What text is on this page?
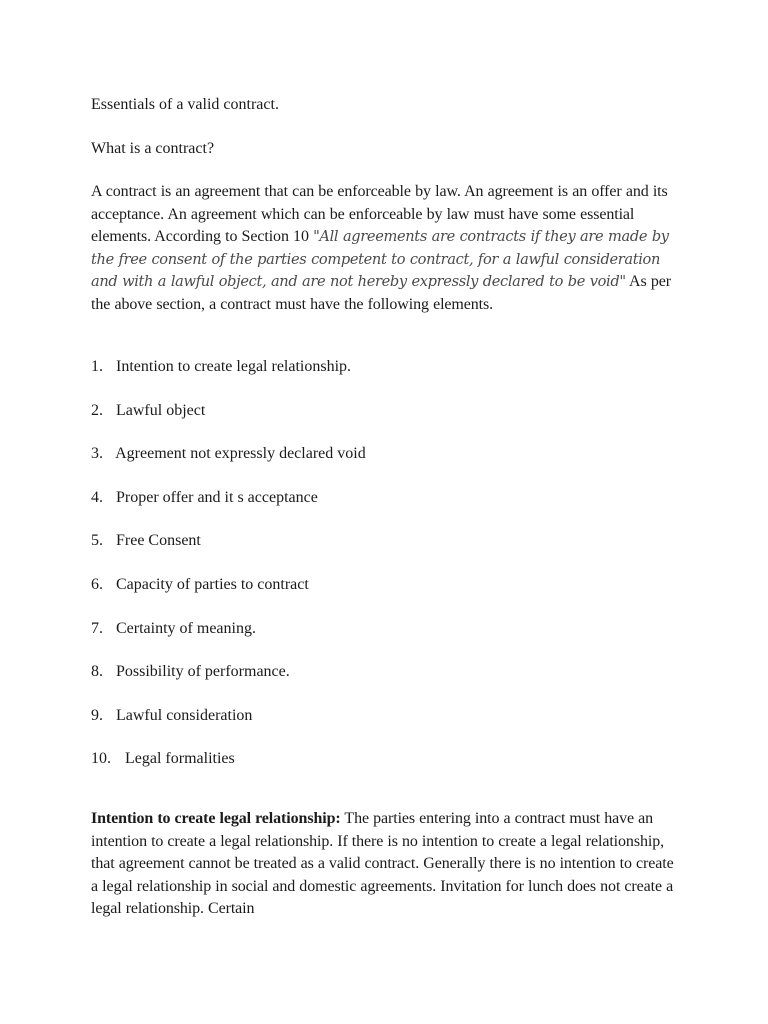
Essentials of a valid contract.
What is a contract?

A contract is an agreement that can be enforceable by law. An agreement is an offer and its acceptance. An agreement which can be enforceable by law must have some essential elements. According to Section 10 "All agreements are contracts if they are made by the free consent of the parties competent to contract, for a lawful consideration and with a lawful object, and are not hereby expressly declared to be void" As per the above section, a contract must have the following elements.

1. Intention to create legal relationship.
2. Lawful object
3. Agreement not expressly declared void
4. Proper offer and it s acceptance
5. Free Consent
6. Capacity of parties to contract
7. Certainty of meaning.
8. Possibility of performance.
9. Lawful consideration
10. Legal formalities

Intention to create legal relationship: The parties entering into a contract must have an intention to create a legal relationship. If there is no intention to create a legal relationship, that agreement cannot be treated as a valid contract. Generally there is no intention to create a legal relationship in social and domestic agreements. Invitation for lunch does not create a legal relationship. Certain
